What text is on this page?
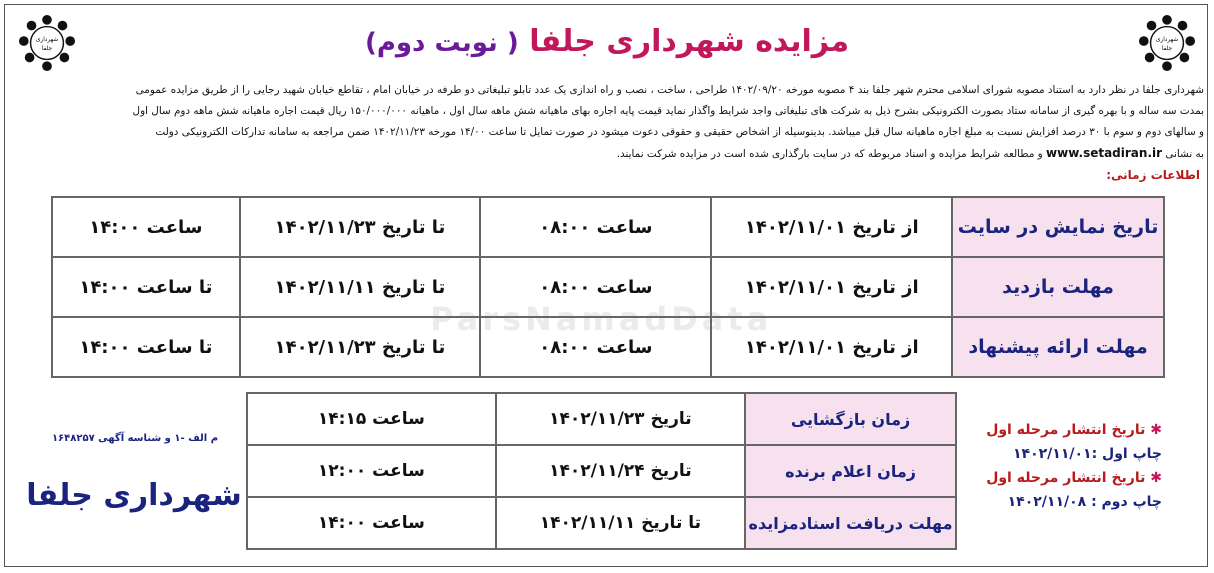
شهرداری
جلفا
شهرداری
جلفا	مزایده شهرداری جلفا ( نوبت دوم)

شهرداری جلفا در نظر دارد به استناد مصوبه شورای اسلامی محترم شهر جلفا بند ۴ مصوبه مورخه ۱۴۰۲/۰۹/۲۰ طراحی ، ساخت ، نصب و راه اندازی یک عدد تابلو تبلیغاتی دو طرفه در خیابان امام ، تقاطع خیابان شهید رجایی را از طریق مزایده عمومی

بمدت سه ساله و با بهره گیری از سامانه ستاد بصورت الکترونیکی بشرح ذیل به شرکت های تبلیغاتی واجد شرایط واگذار نماید قیمت پایه اجاره بهای ماهیانه شش ماهه سال اول ، ماهیانه ۱۵۰/۰۰۰/۰۰۰ ریال قیمت اجاره ماهیانه شش ماهه دوم سال اول

و سالهای دوم و سوم با ۳۰ درصد افزایش نسبت به مبلغ اجاره ماهیانه سال قبل میباشد. بدینوسیله از اشخاص حقیقی و حقوقی دعوت میشود در صورت تمایل تا ساعت ۱۴/۰۰ مورخه ۱۴۰۲/۱۱/۲۳ ضمن مراجعه به سامانه تدارکات الکترونیکی دولت

به نشانی www.setadiran.ir و مطالعه شرایط مزایده و اسناد مربوطه که در سایت بارگذاری شده است در مزایده شرکت نمایند.

اطلاعات زمانی:
ParsNamadData
تاریخ نمایش در سایت	از تاریخ ۱۴۰۲/۱۱/۰۱	ساعت ۰۸:۰۰	تا تاریخ ۱۴۰۲/۱۱/۲۳	ساعت ۱۴:۰۰
مهلت بازدید	از تاریخ ۱۴۰۲/۱۱/۰۱	ساعت ۰۸:۰۰	تا تاریخ ۱۴۰۲/۱۱/۱۱	تا ساعت ۱۴:۰۰
مهلت ارائه پیشنهاد	از تاریخ ۱۴۰۲/۱۱/۰۱	ساعت ۰۸:۰۰	تا تاریخ ۱۴۰۲/۱۱/۲۳	تا ساعت ۱۴:۰۰
زمان بازگشایی	تاریخ ۱۴۰۲/۱۱/۲۳	ساعت ۱۴:۱۵
زمان اعلام برنده	تاریخ ۱۴۰۲/۱۱/۲۴	ساعت ۱۲:۰۰
مهلت دریافت اسنادمزایده	تا تاریخ ۱۴۰۲/۱۱/۱۱	ساعت ۱۴:۰۰
✱ تاریخ انتشار مرحله اول
چاپ اول :۱۴۰۲/۱۱/۰۱
✱ تاریخ انتشار مرحله اول
چاپ دوم : ۱۴۰۲/۱۱/۰۸
م الف -۱ و شناسه آگهی ۱۶۴۸۲۵۷
شهرداری جلفا
